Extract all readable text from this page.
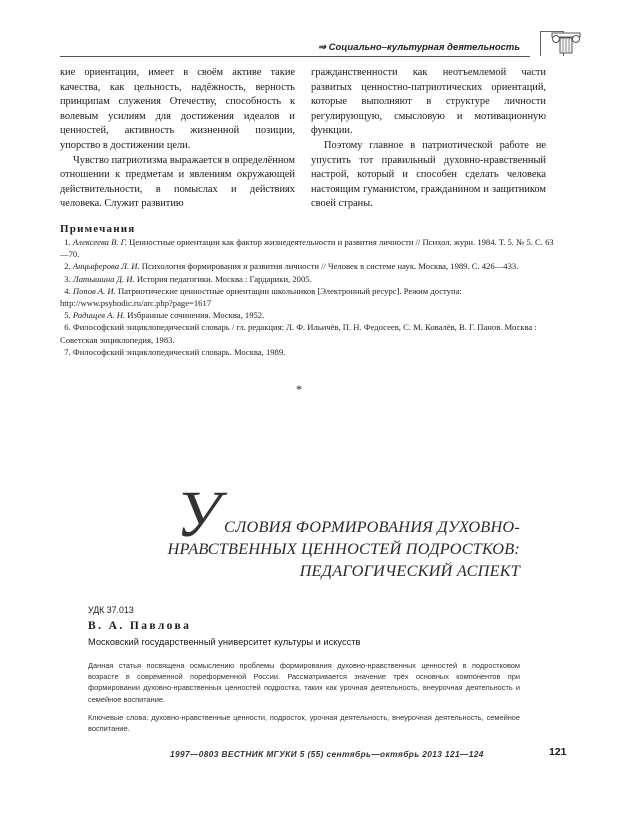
⇒ Социально–культурная деятельность

кие ориентации, имеет в своём активе такие качества, как цельность, надёжность, верность принципам служения Отечеству, способность к волевым усилиям для достижения идеалов и ценностей, активность жизненной позиции, упорство в достижении цели.

Чувство патриотизма выражается в определённом отношении к предметам и явлениям окружающей действительности, в помыслах и действиях человека. Служит развитию

гражданственности как неотъемлемой части развитых ценностно-патриотических ориентаций, которые выполняют в структуре личности регулирующую, смысловую и мотивационную функции.

Поэтому главное в патриотической работе не упустить тот правильный духовно-нравственный настрой, который и способен сделать человека настоящим гуманистом, гражданином и защитником своей страны.

Примечания

1. Алексеева В. Г. Ценностные ориентации как фактор жизнедеятельности и развития личности // Психол. журн. 1984. Т. 5. № 5. С. 63—70.

2. Анцыферова Л. И. Психология формирования и развития личности // Человек в системе наук. Москва, 1989. С. 426—433.

3. Латышина Д. И. История педагогики. Москва : Гардарики, 2005.

4. Попов А. И. Патриотические ценностные ориентации школьников [Электронный ресурс]. Режим доступа: http://www.psyhodic.ru/arc.php?page=1617

5. Радищев А. Н. Избранные сочинения. Москва, 1952.

6. Философский энциклопедический словарь / гл. редакция: Л. Ф. Ильичёв, П. Н. Федосеев, С. М. Ковалёв, В. Г. Панов. Москва : Советская энциклопедия, 1983.

7. Философский энциклопедический словарь. Москва, 1989.

*
У СЛОВИЯ ФОРМИРОВАНИЯ ДУХОВНО-
НРАВСТВЕННЫХ ЦЕННОСТЕЙ ПОДРОСТКОВ:
ПЕДАГОГИЧЕСКИЙ АСПЕКТ
УДК 37.013
В. А. Павлова
Московский государственный университет культуры и искусств
Данная статья посвящена осмыслению проблемы формирования духовно-нравственных ценностей в подростковом возрасте в современной пореформенной России. Рассматривается значение трёх основных компонентов при формировании духовно-нравственных ценностей подростка, таких как урочная деятельность, внеурочная деятельность и семейное воспитание.
Ключевые слова: духовно-нравственные ценности, подросток, урочная деятельность, внеурочная деятельность, семейное воспитание.
1997—0803 ВЕСТНИК МГУКИ 5 (55) сентябрь—октябрь 2013 121—124	121
